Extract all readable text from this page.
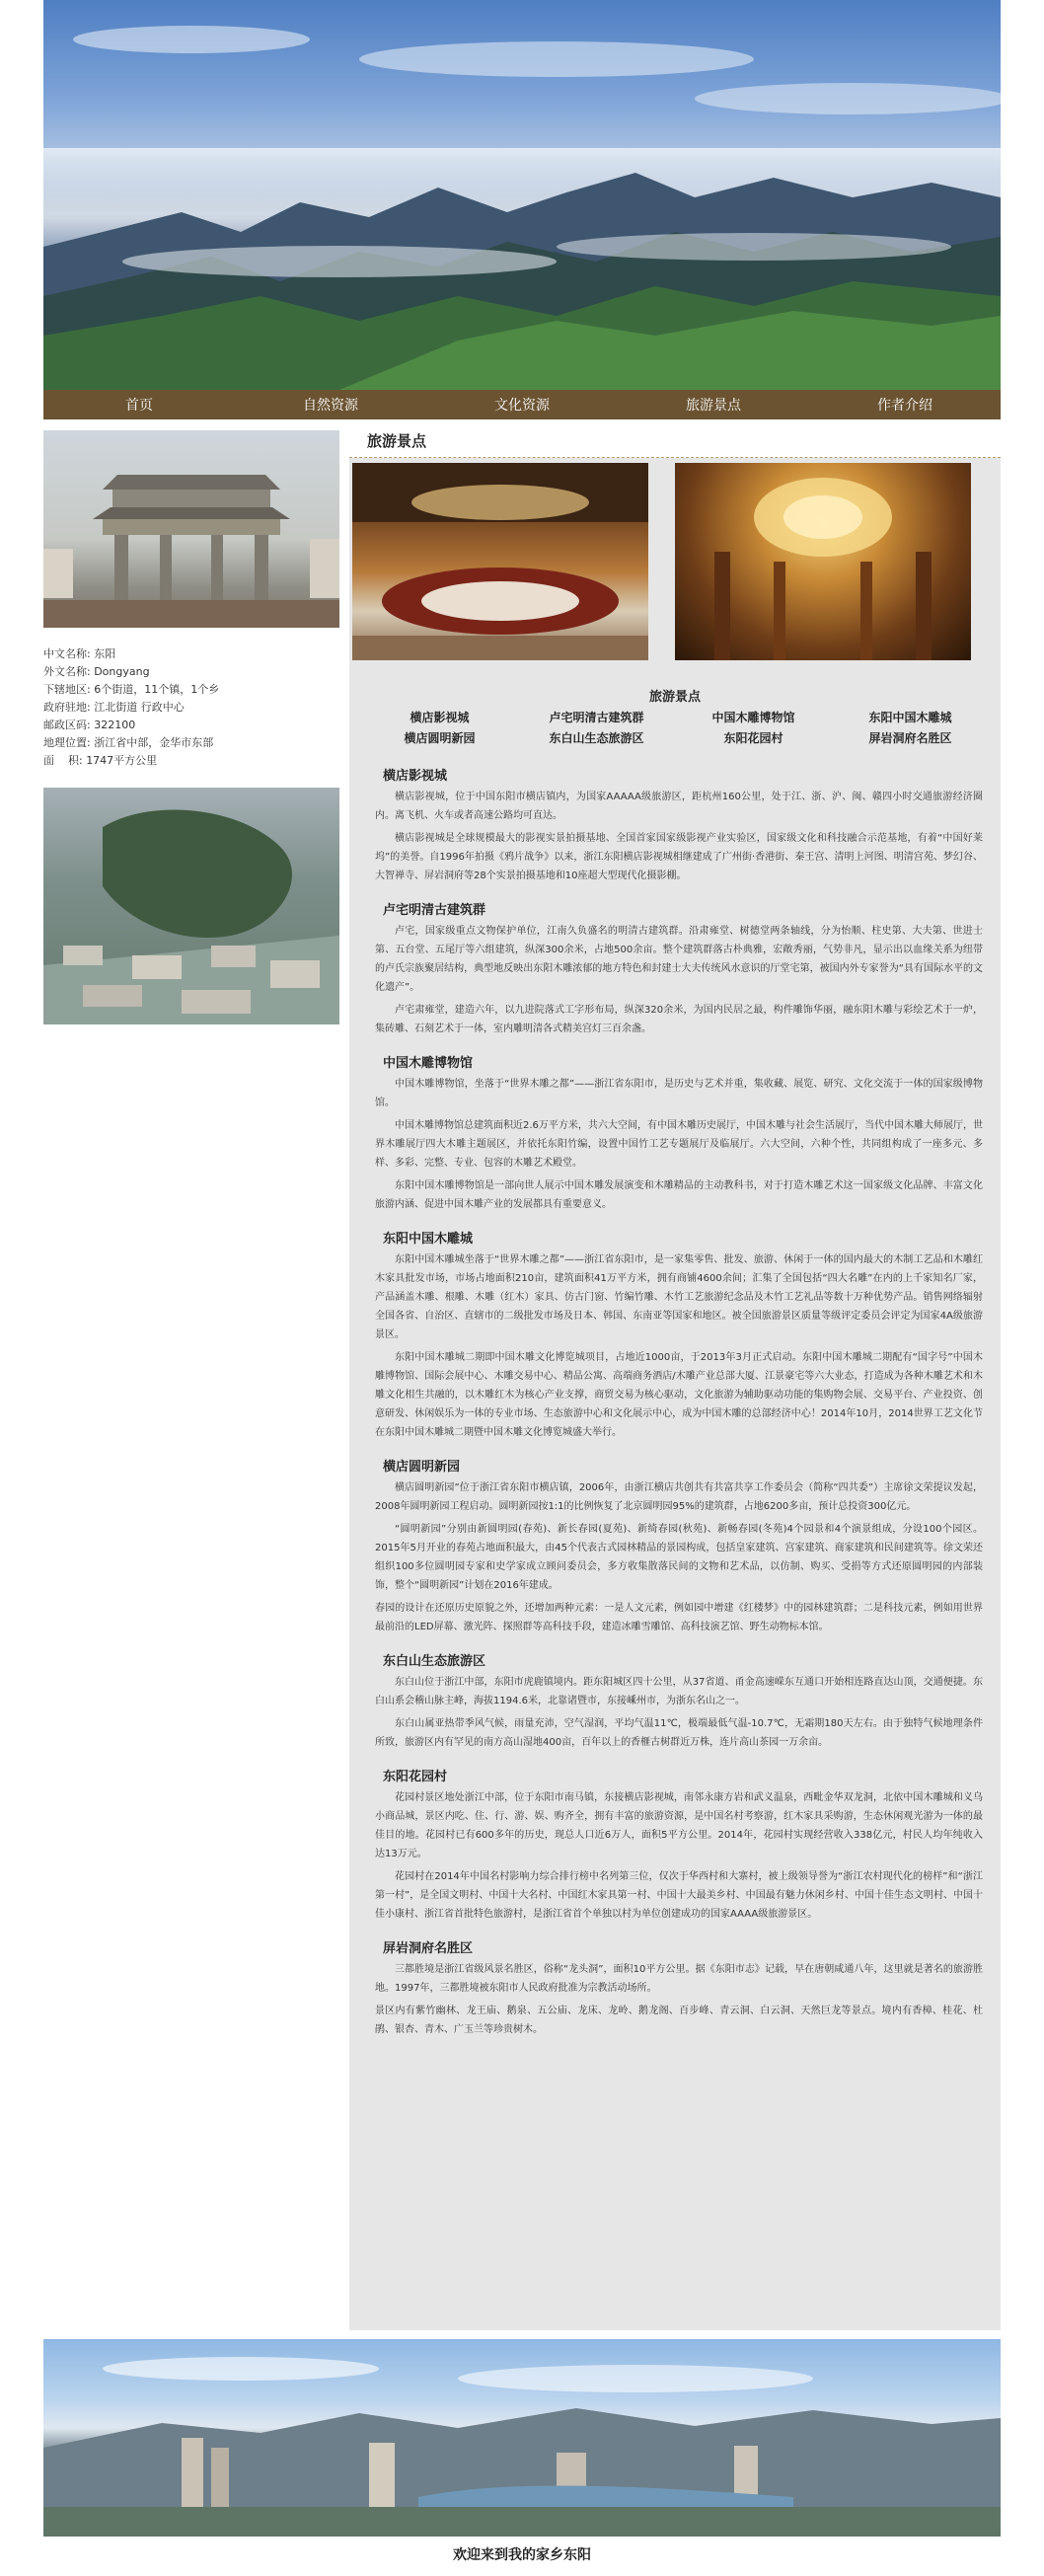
首页	自然资源	文化资源	旅游景点	作者介绍
中文名称: 东阳
外文名称: Dongyang
下辖地区: 6个街道，11个镇，1个乡
政府驻地: 江北街道 行政中心
邮政区码: 322100
地理位置: 浙江省中部，金华市东部
面    积: 1747平方公里
旅游景点
旅游景点
横店影视城	卢宅明清古建筑群	中国木雕博物馆	东阳中国木雕城
横店圆明新园	东白山生态旅游区	东阳花园村	屏岩洞府名胜区
横店影视城

横店影视城，位于中国东阳市横店镇内，为国家AAAAA级旅游区，距杭州160公里，处于江、浙、沪、闽、赣四小时交通旅游经济圈内。离飞机、火车或者高速公路均可直达。

横店影视城是全球规模最大的影视实景拍摄基地、全国首家国家级影视产业实验区，国家级文化和科技融合示范基地，有着“中国好莱坞”的美誉。自1996年拍摄《鸦片战争》以来，浙江东阳横店影视城相继建成了广州街·香港街、秦王宫、清明上河图、明清宫苑、梦幻谷、大智禅寺、屏岩洞府等28个实景拍摄基地和10座超大型现代化摄影棚。

卢宅明清古建筑群

卢宅，国家级重点文物保护单位，江南久负盛名的明清古建筑群。沿肃雍堂、树德堂两条轴线，分为怡顺、柱史第、大夫第、世进士第、五台堂、五尾厅等六组建筑，纵深300余米，占地500余亩。整个建筑群落古朴典雅，宏敞秀丽，气势非凡，显示出以血缘关系为纽带的卢氏宗族聚居结构，典型地反映出东阳木雕浓郁的地方特色和封建士大夫传统风水意识的厅堂宅第，被国内外专家誉为“具有国际水平的文化遗产”。

卢宅肃雍堂，建造六年，以九进院落式工字形布局，纵深320余米，为国内民居之最，构件雕饰华丽，融东阳木雕与彩绘艺术于一炉，集砖雕、石刻艺术于一体，室内雕明清各式精美宫灯三百余盏。

中国木雕博物馆

中国木雕博物馆，坐落于“世界木雕之都”——浙江省东阳市，是历史与艺术并重，集收藏、展览、研究、文化交流于一体的国家级博物馆。

中国木雕博物馆总建筑面积近2.6万平方米，共六大空间，有中国木雕历史展厅，中国木雕与社会生活展厅，当代中国木雕大师展厅，世界木雕展厅四大木雕主题展区，并依托东阳竹编，设置中国竹工艺专题展厅及临展厅。六大空间，六种个性，共同组构成了一座多元、多样、多彩、完整、专业、包容的木雕艺术殿堂。

东阳中国木雕博物馆是一部向世人展示中国木雕发展演变和木雕精品的主动教科书，对于打造木雕艺术这一国家级文化品牌、丰富文化旅游内涵、促进中国木雕产业的发展都具有重要意义。

东阳中国木雕城

东阳中国木雕城坐落于“世界木雕之都”——浙江省东阳市，是一家集零售、批发、旅游、休闲于一体的国内最大的木制工艺品和木雕红木家具批发市场，市场占地面积210亩，建筑面积41万平方米，拥有商铺4600余间；汇集了全国包括“四大名雕”在内的上千家知名厂家，产品涵盖木雕、根雕、木雕（红木）家具、仿古门窗、竹编竹雕、木竹工艺旅游纪念品及木竹工艺礼品等数十万种优势产品。销售网络辐射全国各省、自治区、直辖市的二级批发市场及日本、韩国、东南亚等国家和地区。被全国旅游景区质量等级评定委员会评定为国家4A级旅游景区。

东阳中国木雕城二期即中国木雕文化博览城项目，占地近1000亩，于2013年3月正式启动。东阳中国木雕城二期配有“国字号”中国木雕博物馆、国际会展中心、木雕交易中心、精品公寓、高端商务酒店/木雕产业总部大厦、江景豪宅等六大业态，打造成为各种木雕艺术和木雕文化相生共融的，以木雕红木为核心产业支撑，商贸交易为核心驱动，文化旅游为辅助驱动功能的集购物会展、交易平台、产业投资、创意研发、休闲娱乐为一体的专业市场、生态旅游中心和文化展示中心，成为中国木雕的总部经济中心！2014年10月，2014世界工艺文化节在东阳中国木雕城二期暨中国木雕文化博览城盛大举行。

横店圆明新园

横店圆明新园”位于浙江省东阳市横店镇，2006年，由浙江横店共创共有共富共享工作委员会（简称“四共委”）主席徐文荣提议发起，2008年圆明新园工程启动。圆明新园按1:1的比例恢复了北京圆明园95%的建筑群，占地6200多亩，预计总投资300亿元。

“圆明新园”分别由新圆明园(春苑)、新长春园(夏苑)、新绮春园(秋苑)、新畅春园(冬苑)4个园景和4个演景组成，分设100个园区。2015年5月开业的春苑占地面积最大，由45个代表古式园林精品的景园构成，包括皇家建筑、宫家建筑、商家建筑和民间建筑等。徐文荣还组织100多位圆明园专家和史学家成立顾问委员会，多方收集散落民间的文物和艺术品，以仿制、购买、受捐等方式还原圆明园的内部装饰，整个“圆明新园”计划在2016年建成。

春园的设计在还原历史原貌之外，还增加两种元素：一是人文元素，例如园中增建《红楼梦》中的园林建筑群；二是科技元素，例如用世界最前沿的LED屏幕、激光阵、探照群等高科技手段，建造冰雕雪雕馆、高科技演艺馆、野生动物标本馆。

东白山生态旅游区

东白山位于浙江中部，东阳市虎鹿镇境内。距东阳城区四十公里，从37省道、甬金高速嵘东互通口开始相连路直达山顶，交通便捷。东白山系会稽山脉主峰，海拔1194.6米，北靠诸暨市，东接嵊州市，为浙东名山之一。

东白山属亚热带季风气候，雨量充沛，空气湿润，平均气温11℃，极端最低气温-10.7℃，无霜期180天左右。由于独特气候地理条件所致，旅游区内有罕见的南方高山湿地400亩，百年以上的香榧古树群近万株，连片高山茶园一万余亩。

东阳花园村

花园村景区地处浙江中部，位于东阳市南马镇，东接横店影视城，南邻永康方岩和武义温泉，西毗金华双龙洞，北依中国木雕城和义乌小商品城，景区内吃、住、行、游、娱、购齐全，拥有丰富的旅游资源，是中国名村考察游，红木家具采购游，生态休闲观光游为一体的最佳目的地。花园村已有600多年的历史，现总人口近6万人，面积5平方公里。2014年，花园村实现经营收入338亿元，村民人均年纯收入达13万元。

花园村在2014年中国名村影响力综合排行榜中名列第三位，仅次于华西村和大寨村，被上级领导誉为“浙江农村现代化的榜样”和“浙江第一村”，是全国文明村、中国十大名村、中国红木家具第一村、中国十大最美乡村、中国最有魅力休闲乡村、中国十佳生态文明村、中国十佳小康村、浙江省首批特色旅游村，是浙江省首个单独以村为单位创建成功的国家AAAA级旅游景区。

屏岩洞府名胜区

三都胜境是浙江省级风景名胜区，俗称“龙头洞”，面积10平方公里。据《东阳市志》记载，早在唐朝咸通八年，这里就是著名的旅游胜地。1997年，三都胜境被东阳市人民政府批准为宗教活动场所。

景区内有紫竹幽林、龙王庙、鹅泉、五公庙、龙床、龙岭、鹅龙阁、百步峰、青云洞、白云洞、天然巨龙等景点。境内有香樟、桂花、杜鹃、银杏、青木、广玉兰等珍贵树木。

欢迎来到我的家乡东阳
